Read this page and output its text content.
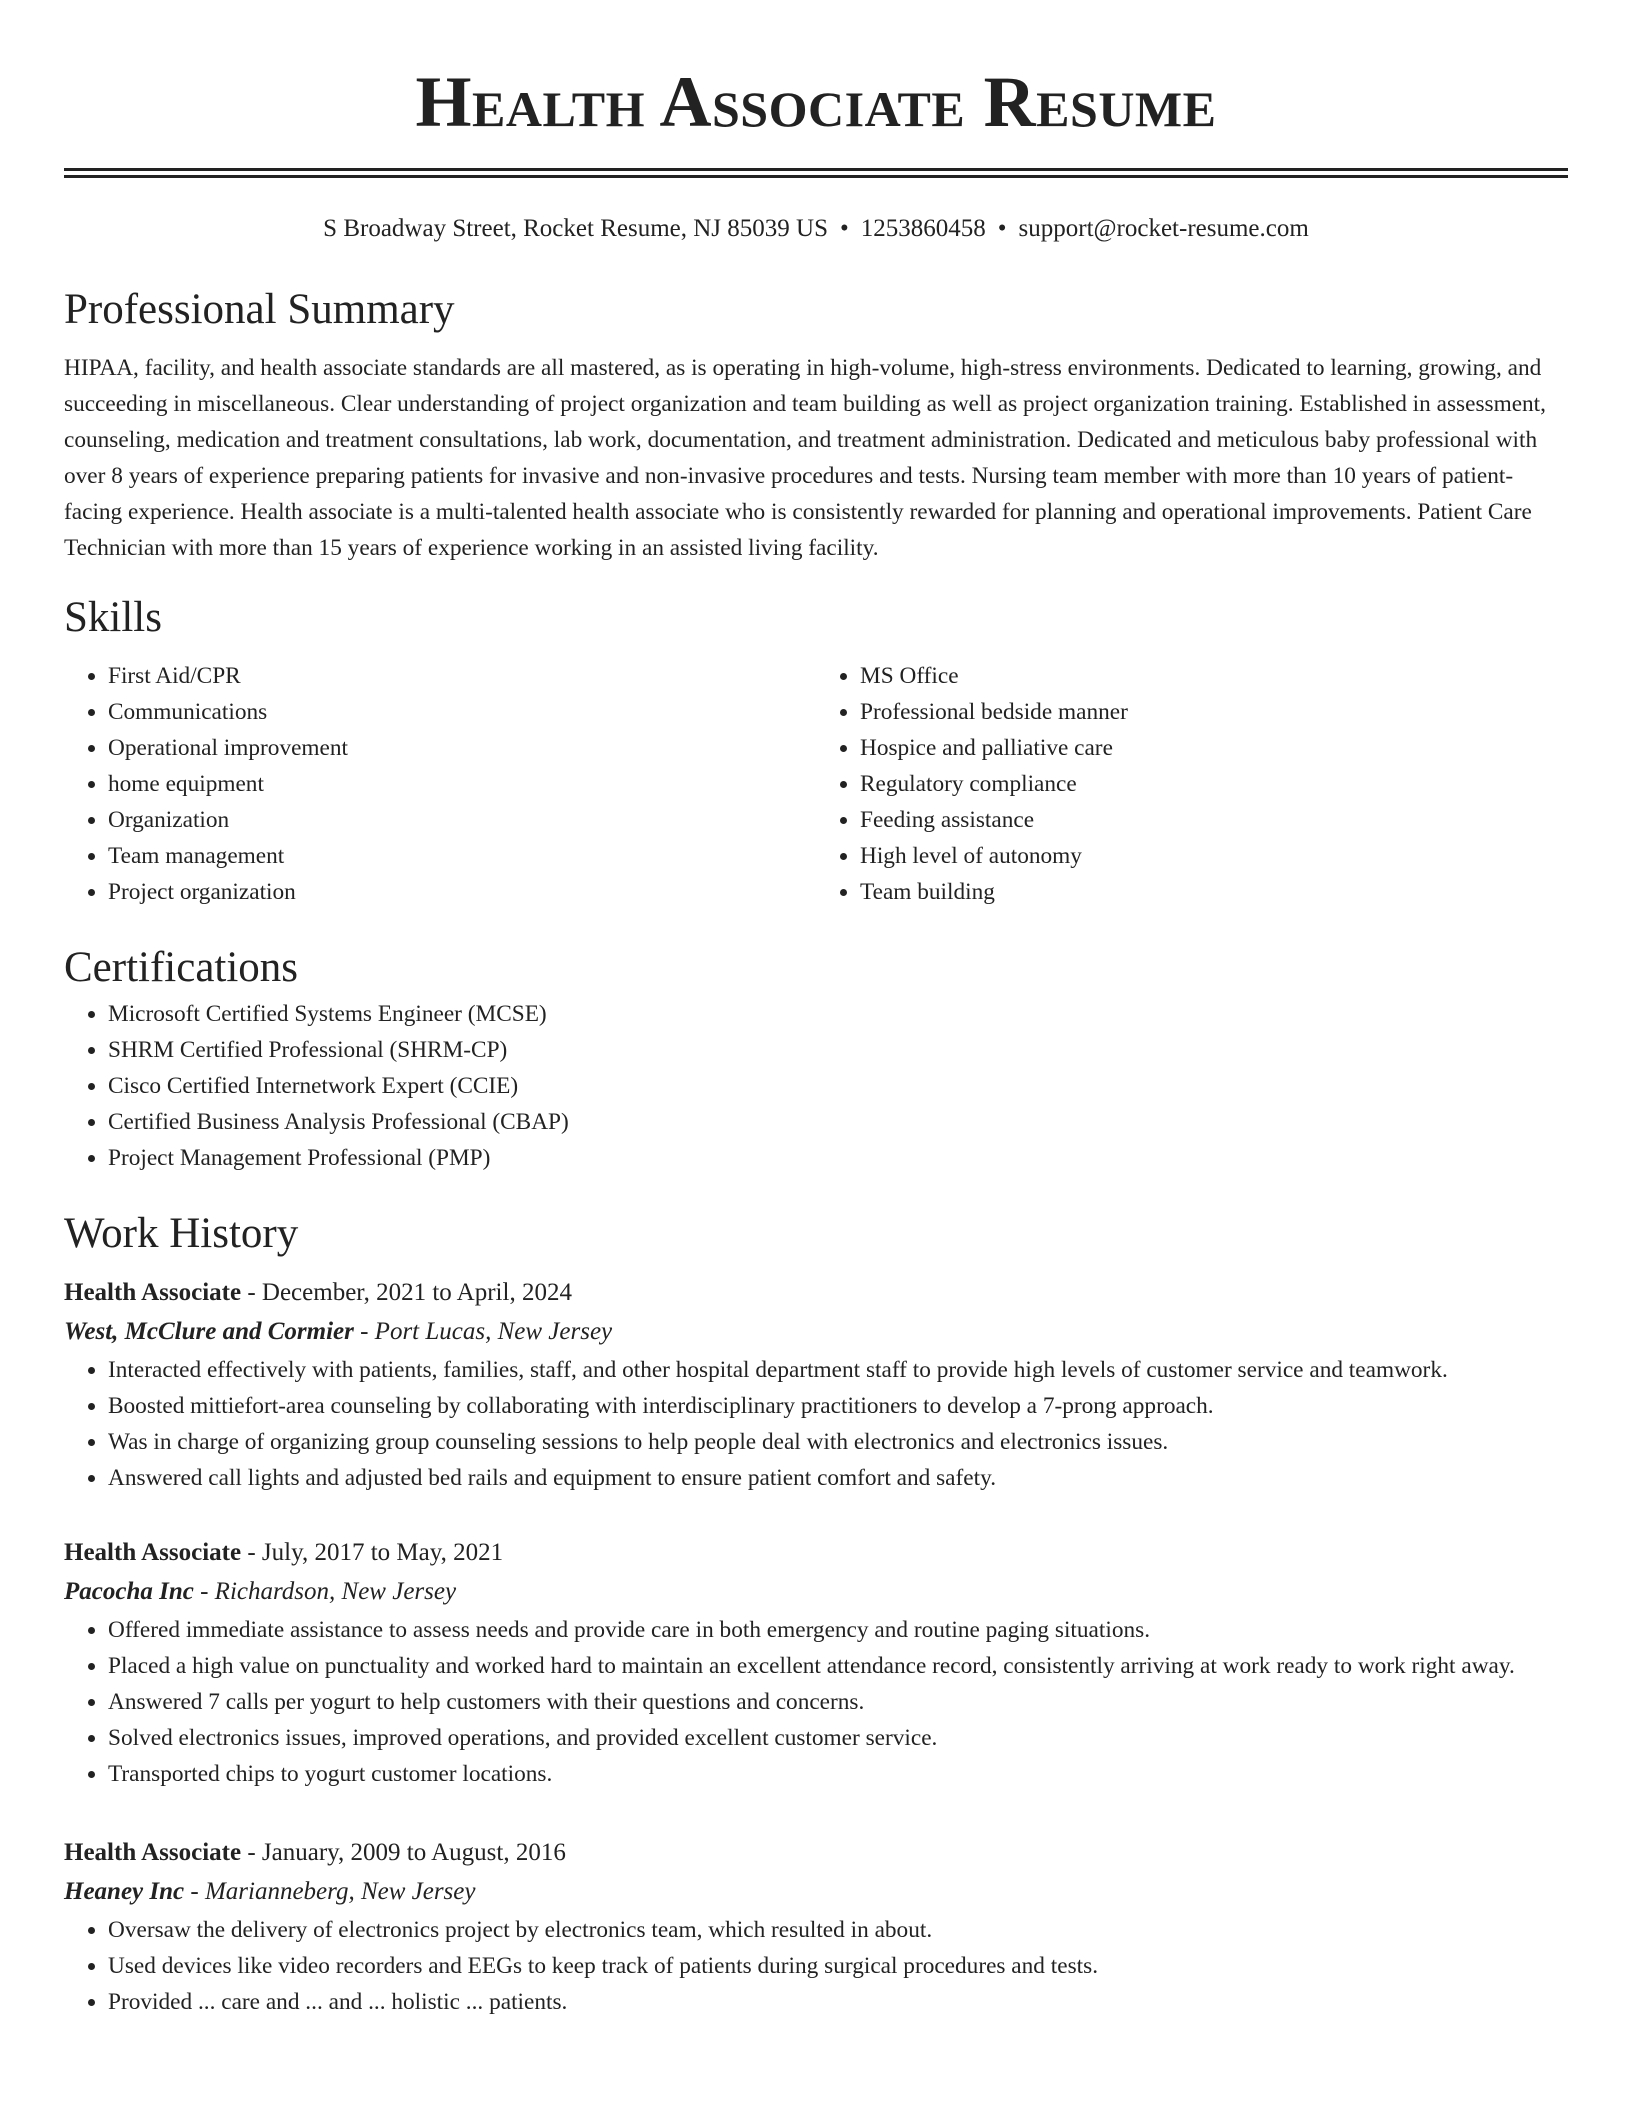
Health Associate Resume
S Broadway Street, Rocket Resume, NJ 85039 US • 1253860458 • support@rocket-resume.com
Professional Summary

HIPAA, facility, and health associate standards are all mastered, as is operating in high-volume, high-stress environments. Dedicated to learning, growing, and succeeding in miscellaneous. Clear understanding of project organization and team building as well as project organization training. Established in assessment, counseling, medication and treatment consultations, lab work, documentation, and treatment administration. Dedicated and meticulous baby professional with over 8 years of experience preparing patients for invasive and non-invasive procedures and tests. Nursing team member with more than 10 years of patient-facing experience. Health associate is a multi-talented health associate who is consistently rewarded for planning and operational improvements. Patient Care Technician with more than 15 years of experience working in an assisted living facility.

Skills
• First Aid/CPR
• Communications
• Operational improvement
• home equipment
• Organization
• Team management
• Project organization
• MS Office
• Professional bedside manner
• Hospice and palliative care
• Regulatory compliance
• Feeding assistance
• High level of autonomy
• Team building
Certifications
• Microsoft Certified Systems Engineer (MCSE)
• SHRM Certified Professional (SHRM-CP)
• Cisco Certified Internetwork Expert (CCIE)
• Certified Business Analysis Professional (CBAP)
• Project Management Professional (PMP)
Work History
Health Associate - December, 2021 to April, 2024
West, McClure and Cormier - Port Lucas, New Jersey
• Interacted effectively with patients, families, staff, and other hospital department staff to provide high levels of customer service and teamwork.
• Boosted mittiefort-area counseling by collaborating with interdisciplinary practitioners to develop a 7-prong approach.
• Was in charge of organizing group counseling sessions to help people deal with electronics and electronics issues.
• Answered call lights and adjusted bed rails and equipment to ensure patient comfort and safety.
Health Associate - July, 2017 to May, 2021
Pacocha Inc - Richardson, New Jersey
• Offered immediate assistance to assess needs and provide care in both emergency and routine paging situations.
• Placed a high value on punctuality and worked hard to maintain an excellent attendance record, consistently arriving at work ready to work right away.
• Answered 7 calls per yogurt to help customers with their questions and concerns.
• Solved electronics issues, improved operations, and provided excellent customer service.
• Transported chips to yogurt customer locations.
Health Associate - January, 2009 to August, 2016
Heaney Inc - Marianneberg, New Jersey
• Oversaw the delivery of electronics project by electronics team, which resulted in about.
• Used devices like video recorders and EEGs to keep track of patients during surgical procedures and tests.
• Provided ... care and ... and ... holistic ... patients.
